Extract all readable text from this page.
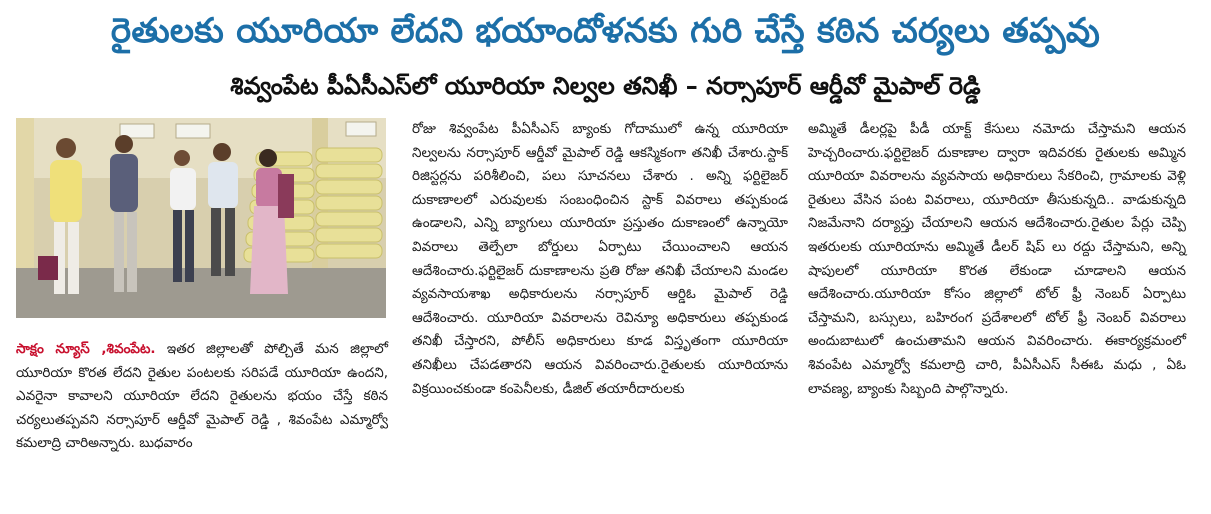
రైతులకు యూరియా లేదని భయాందోళనకు గురి చేస్తే కఠిన చర్యలు తప్పవు
శివ్వంపేట పీఏసీఎస్‌లో యూరియా నిల్వల తనిఖీ – నర్సాపూర్ ఆర్డీవో మైపాల్ రెడ్డి

సాక్షం న్యూస్ ,శివంపేట. ఇతర జిల్లాలతో పోల్చితే మన జిల్లాలో యూరియా కొరత లేదని రైతుల పంటలకు సరిపడే యూరియా ఉందని, ఎవరైనా కావాలని యూరియా లేదని రైతులను భయం చేస్తే కఠిన చర్యలుతప్పవని నర్సాపూర్ ఆర్డీవో మైపాల్ రెడ్డి , శివంపేట ఎమ్మార్వో కమలాద్రి చారిఅన్నారు. బుధవారం

రోజు శివ్వంపేట పీఏసీఎస్ బ్యాంకు గోదాములో ఉన్న యూరియా నిల్వలను నర్సాపూర్ ఆర్డీవో మైపాల్ రెడ్డి ఆకస్మికంగా తనిఖీ చేశారు.స్టాక్ రిజిస్టర్లను పరిశీలించి, పలు సూచనలు చేశారు . అన్ని ఫర్టిలైజర్ దుకాణాలలో ఎరువులకు సంబంధించిన స్టాక్ వివరాలు తప్పకుండ ఉండాలని, ఎన్ని బ్యాగులు యూరియా ప్రస్తుతం దుకాణంలో ఉన్నాయో వివరాలు తెల్పేలా బోర్డులు ఏర్పాటు చేయించాలని ఆయన ఆదేశించారు.ఫర్టిలైజర్ దుకాణాలను ప్రతి రోజు తనిఖీ చేయాలని మండల వ్యవసాయశాఖ అధికారులను నర్సాపూర్ ఆర్డిఓ మైపాల్ రెడ్డి ఆదేశించారు. యూరియా వివరాలను రెవిన్యూ అధికారులు తప్పకుండ తనిఖీ చేస్తారని, పోలీస్ అధికారులు కూడ విస్తృతంగా యూరియా తనిఖీలు చేపడతారని ఆయన వివరించారు.రైతులకు యూరియాను విక్రయించకుండా కంపెనీలకు, డీజిల్ తయారీదారులకు

అమ్మితే డీలర్లపై పీడీ యాక్ట్ కేసులు నమోదు చేస్తామని ఆయన హెచ్చరించారు.ఫర్టిలైజర్ దుకాణాల ద్వారా ఇదివరకు రైతులకు అమ్మిన యూరియా వివరాలను వ్యవసాయ అధికారులు సేకరించి, గ్రామాలకు వెళ్లి రైతులు వేసిన పంట వివరాలు, యూరియా తీసుకున్నది.. వాడుకున్నది నిజమేనాని దర్యాప్తు చేయాలని ఆయన ఆదేశించారు.రైతుల పేర్లు చెప్పి ఇతరులకు యూరియాను అమ్మితే డీలర్ షిప్ లు రద్దు చేస్తామని, అన్ని షాపులలో యూరియా కొరత లేకుండా చూడాలని ఆయన ఆదేశించారు.యూరియా కోసం జిల్లాలో టోల్ ఫ్రీ నెంబర్ ఏర్పాటు చేస్తామని, బస్సులు, బహిరంగ ప్రదేశాలలో టోల్ ఫ్రీ నెంబర్ వివరాలు అందుబాటులో ఉంచుతామని ఆయన వివరించారు. ఈకార్యక్రమంలో శివంపేట ఎమ్మార్వో కమలాద్రి చారి, పీఏసీఎస్ సీఈఓ మధు , ఏఓ లావణ్య, బ్యాంకు సిబ్బంది పాల్గొన్నారు.
